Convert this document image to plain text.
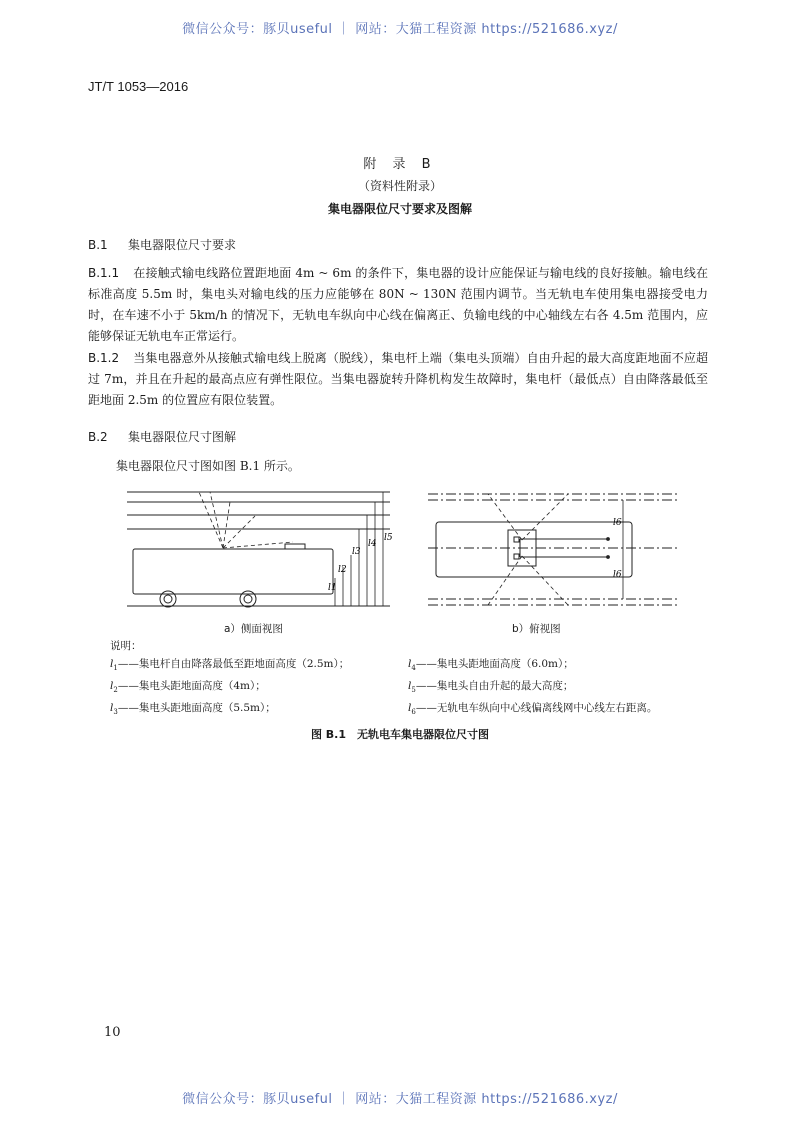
微信公众号：豚贝useful ｜ 网站：大猫工程资源 https://521686.xyz/
JT/T 1053—2016
附 录 B
（资料性附录）
集电器限位尺寸要求及图解
B.1 集电器限位尺寸要求
B.1.1 在接触式输电线路位置距地面 4m ~ 6m 的条件下，集电器的设计应能保证与输电线的良好接触。输电线在标准高度 5.5m 时，集电头对输电线的压力应能够在 80N ~ 130N 范围内调节。当无轨电车使用集电器接受电力时，在车速不小于 5km/h 的情况下，无轨电车纵向中心线在偏离正、负输电线的中心轴线左右各 4.5m 范围内，应能够保证无轨电车正常运行。
B.1.2 当集电器意外从接触式输电线上脱离（脱线），集电杆上端（集电头顶端）自由升起的最大高度距地面不应超过 7m，并且在升起的最高点应有弹性限位。当集电器旋转升降机构发生故障时，集电杆（最低点）自由降落最低至距地面 2.5m 的位置应有限位装置。
B.2 集电器限位尺寸图解
集电器限位尺寸图如图 B.1 所示。
l1
l2
l3
l4
l5
l6
l6
a）侧面视图	b）俯视图
说明：
$l_1——$集电杆自由降落最低至距地面高度（2.5m）；
$l_2——$集电头距地面高度（4m）；
$l_3——$集电头距地面高度（5.5m）；
$l_4——$集电头距地面高度（6.0m）；
$l_5——$集电头自由升起的最大高度；
$l_6——$无轨电车纵向中心线偏离线网中心线左右距离。
图 B.1　无轨电车集电器限位尺寸图
10
微信公众号：豚贝useful ｜ 网站：大猫工程资源 https://521686.xyz/
